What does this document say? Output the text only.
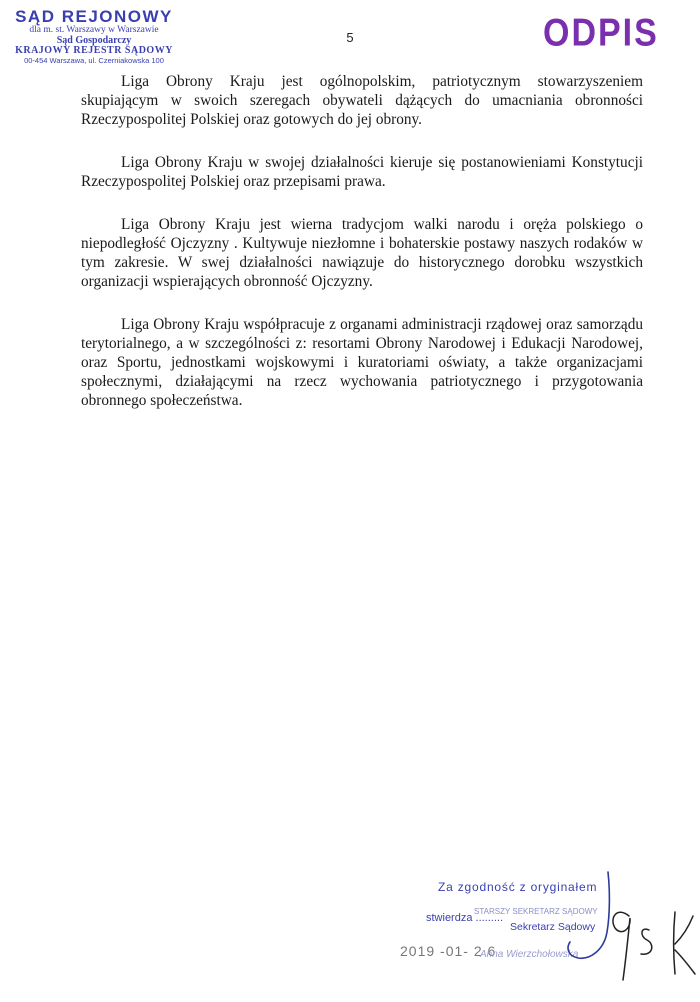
SĄD REJONOWY
dla m. st. Warszawy w Warszawie
Sąd Gospodarczy
KRAJOWY REJESTR SĄDOWY
00-454 Warszawa, ul. Czerniakowska 100
5	ODPIS

Liga Obrony Kraju jest ogólnopolskim, patriotycznym stowarzyszeniem skupiającym w swoich szeregach obywateli dążących do umacniania obronności Rzeczypospolitej Polskiej oraz gotowych do jej obrony.

Liga Obrony Kraju w swojej działalności kieruje się postanowieniami Konstytucji Rzeczypospolitej Polskiej oraz przepisami prawa.

Liga Obrony Kraju jest wierna tradycjom walki narodu i oręża polskiego o niepodległość Ojczyzny . Kultywuje niezłomne i bohaterskie postawy naszych rodaków w tym zakresie. W swej działalności nawiązuje do historycznego dorobku wszystkich organizacji wspierających obronność Ojczyzny.

Liga Obrony Kraju współpracuje z organami administracji rządowej oraz samorządu terytorialnego, a w szczególności z: resortami Obrony Narodowej i Edukacji Narodowej, oraz Sportu, jednostkami wojskowymi i kuratoriami oświaty, a także organizacjami społecznymi, działającymi na rzecz wychowania patriotycznego i przygotowania obronnego społeczeństwa.

Za zgodność z oryginałem
STARSZY SEKRETARZ SĄDOWY
stwierdza .........
Sekretarz Sądowy
2019 -01- 2 6
Anna Wierzchołowska
